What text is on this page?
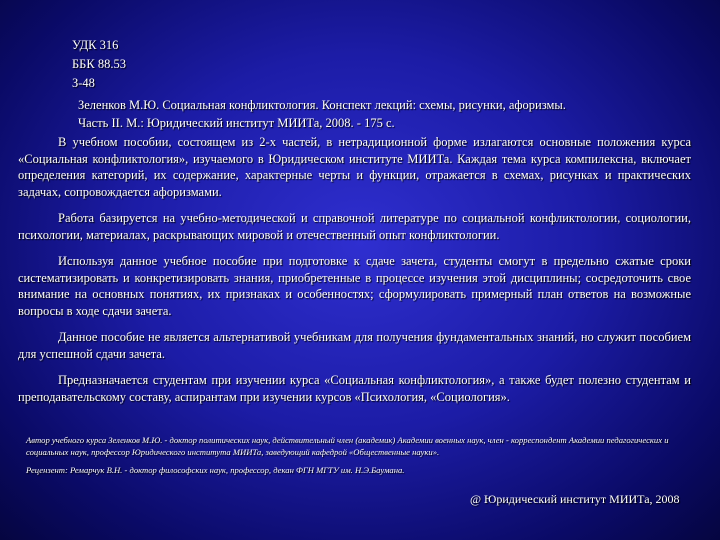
УДК 316
ББК 88.53
З-48
Зеленков М.Ю. Социальная конфликтология. Конспект лекций: схемы, рисунки, афоризмы.
Часть II. М.: Юридический институт МИИТа, 2008. - 175 с.

В учебном пособии, состоящем из 2-х частей, в нетрадиционной форме излагаются основные положения курса «Социальная конфликтология», изучаемого в Юридическом институте МИИТа. Каждая тема курса компилексна, включает определения категорий, их содержание, характерные черты и функции, отражается в схемах, рисунках и практических задачах, сопровождается афоризмами.

Работа базируется на учебно-методической и справочной литературе по социальной конфликтологии, социологии, психологии, материалах, раскрывающих мировой и отечественный опыт конфликтологии.

Используя данное учебное пособие при подготовке к сдаче зачета, студенты смогут в предельно сжатые сроки систематизировать и конкретизировать знания, приобретенные в процессе изучения этой дисциплины; сосредоточить свое внимание на основных понятиях, их признаках и особенностях; сформулировать примерный план ответов на возможные вопросы в ходе сдачи зачета.

Данное пособие не является альтернативой учебникам для получения фундаментальных знаний, но служит пособием для успешной сдачи зачета.

Предназначается студентам при изучении курса «Социальная конфликтология», а также будет полезно студентам и преподавательскому составу, аспирантам при изучении курсов «Психология, «Социология».

Автор учебного курса Зеленков М.Ю. - доктор политических наук, действительный член (академик) Академии военных наук, член - корреспондент Академии педагогических и социальных наук, профессор Юридического института МИИТа, заведующий кафедрой «Общественные науки».

Рецензент: Ремарчук В.Н. - доктор философских наук, профессор, декан ФГН МГТУ им. Н.Э.Баумана.

@ Юридический институт МИИТа, 2008
